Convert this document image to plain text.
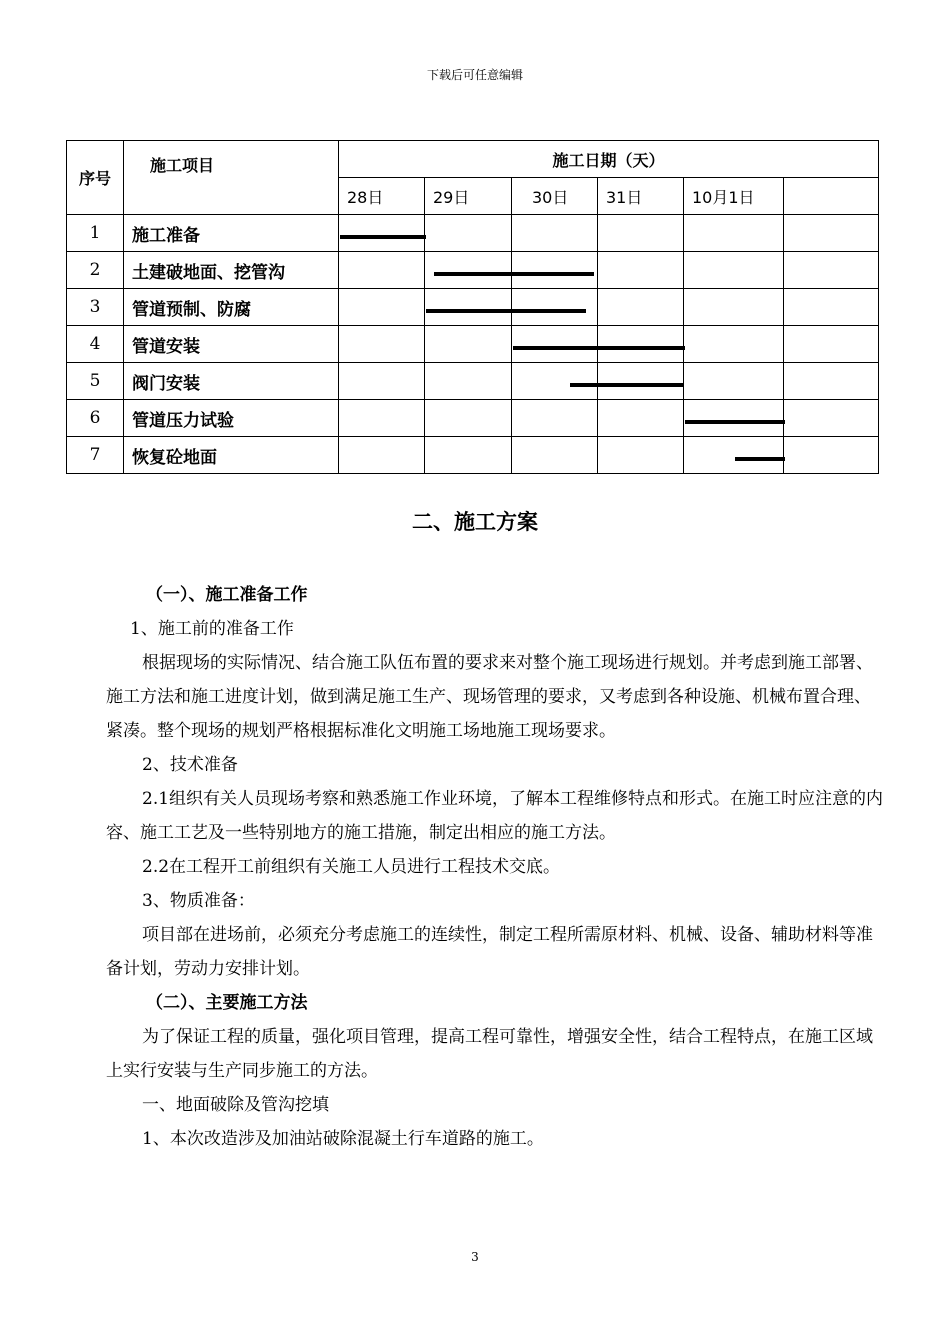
下载后可任意编辑
序号	施工项目	施工日期（天）					
		28日	29日	30日	31日	10月1日	
1	施工准备						
2	土建破地面、挖管沟						
3	管道预制、防腐						
4	管道安装						
5	阀门安装						
6	管道压力试验						
7	恢复砼地面						
二、施工方案

（一）、施工准备工作

1、施工前的准备工作

根据现场的实际情况、结合施工队伍布置的要求来对整个施工现场进行规划。并考虑到施工部署、施工方法和施工进度计划，做到满足施工生产、现场管理的要求，又考虑到各种设施、机械布置合理、紧凑。整个现场的规划严格根据标准化文明施工场地施工现场要求。

2、技术准备

2.1组织有关人员现场考察和熟悉施工作业环境，了解本工程维修特点和形式。在施工时应注意的内容、施工工艺及一些特别地方的施工措施，制定出相应的施工方法。

2.2在工程开工前组织有关施工人员进行工程技术交底。

3、物质准备：

项目部在进场前，必须充分考虑施工的连续性，制定工程所需原材料、机械、设备、辅助材料等准备计划，劳动力安排计划。

（二）、主要施工方法

为了保证工程的质量，强化项目管理，提高工程可靠性，增强安全性，结合工程特点，在施工区域上实行安装与生产同步施工的方法。

一、地面破除及管沟挖填

1、本次改造涉及加油站破除混凝土行车道路的施工。

3
